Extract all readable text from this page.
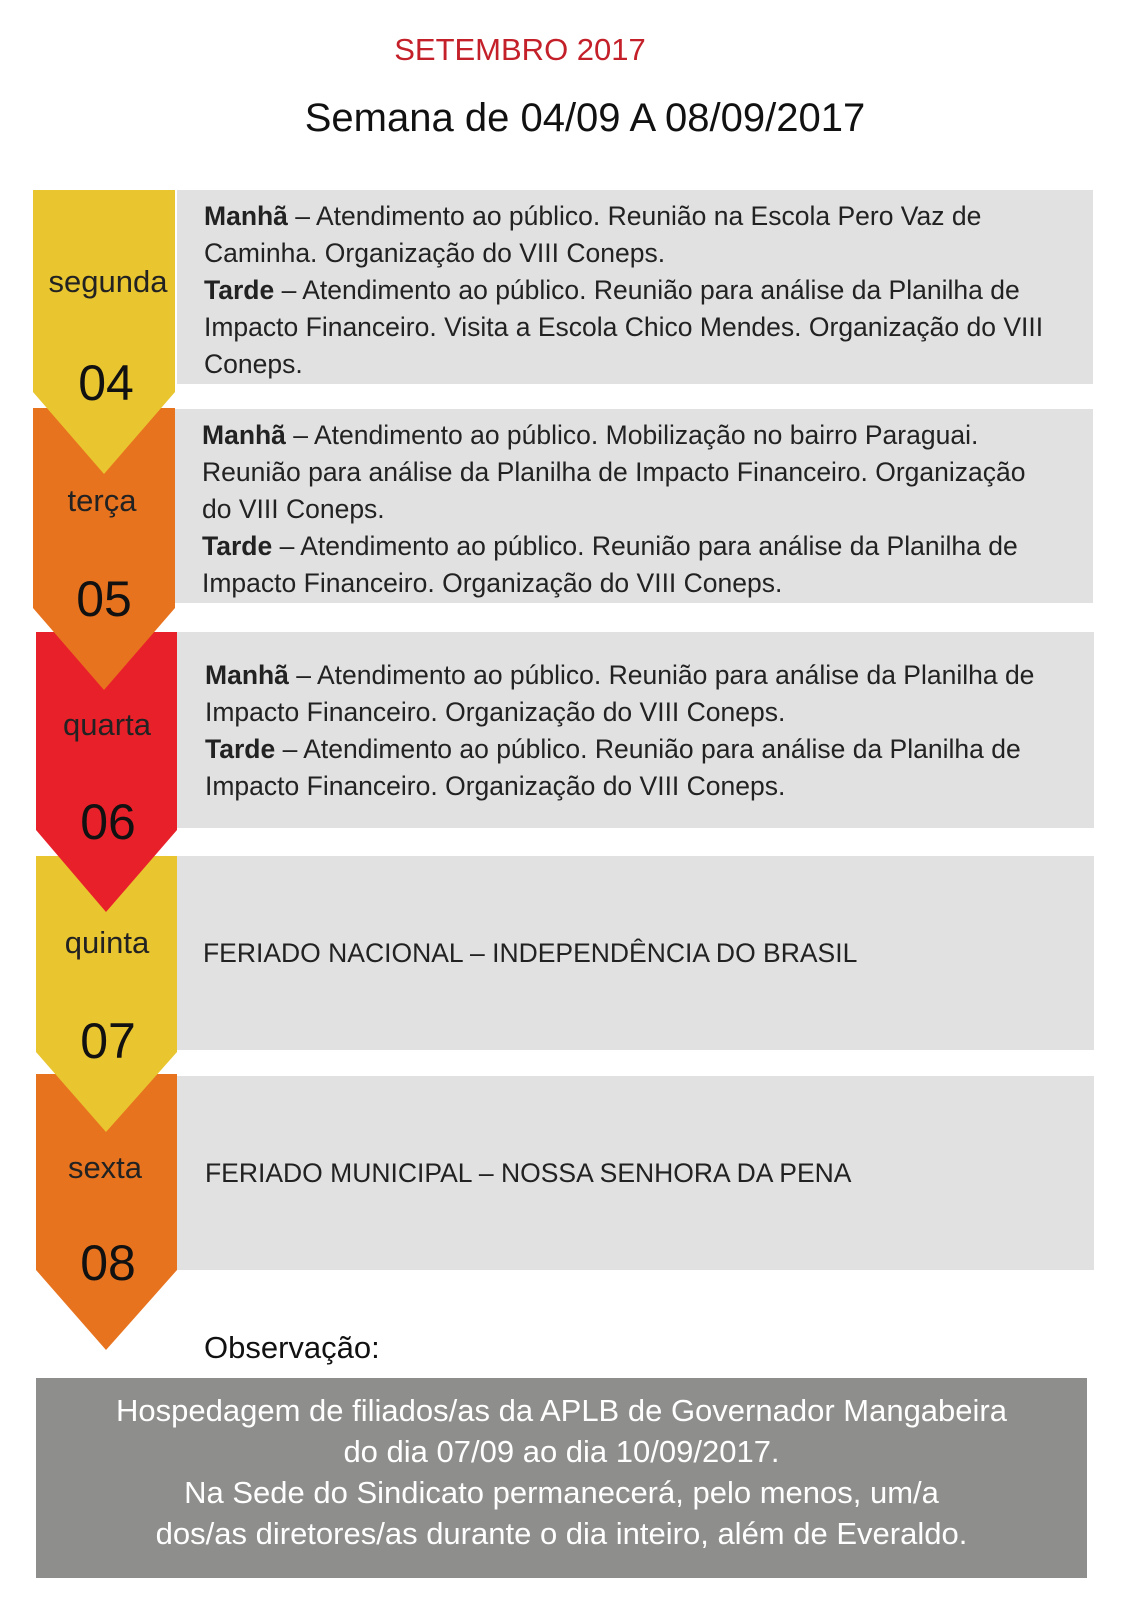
SETEMBRO 2017
Semana de 04/09 A 08/09/2017
segunda
04
terça
05
quarta
06
quinta
07
sexta
08

Manhã – Atendimento ao público. Reunião na Escola Pero Vaz de Caminha. Organização do VIII Coneps.

Tarde – Atendimento ao público. Reunião para análise da Planilha de Impacto Financeiro. Visita a Escola Chico Mendes. Organização do VIII Coneps.

Manhã – Atendimento ao público. Mobilização no bairro Paraguai. Reunião para análise da Planilha de Impacto Financeiro. Organização do VIII Coneps.

Tarde – Atendimento ao público. Reunião para análise da Planilha de Impacto Financeiro. Organização do VIII Coneps.

Manhã – Atendimento ao público. Reunião para análise da Planilha de Impacto Financeiro. Organização do VIII Coneps.

Tarde – Atendimento ao público. Reunião para análise da Planilha de Impacto Financeiro. Organização do VIII Coneps.

FERIADO NACIONAL – INDEPENDÊNCIA DO BRASIL
FERIADO MUNICIPAL – NOSSA SENHORA DA PENA
Observação:

Hospedagem de filiados/as da APLB de Governador Mangabeira

do dia 07/09 ao dia 10/09/2017.

Na Sede do Sindicato permanecerá, pelo menos, um/a

dos/as diretores/as durante o dia inteiro, além de Everaldo.
